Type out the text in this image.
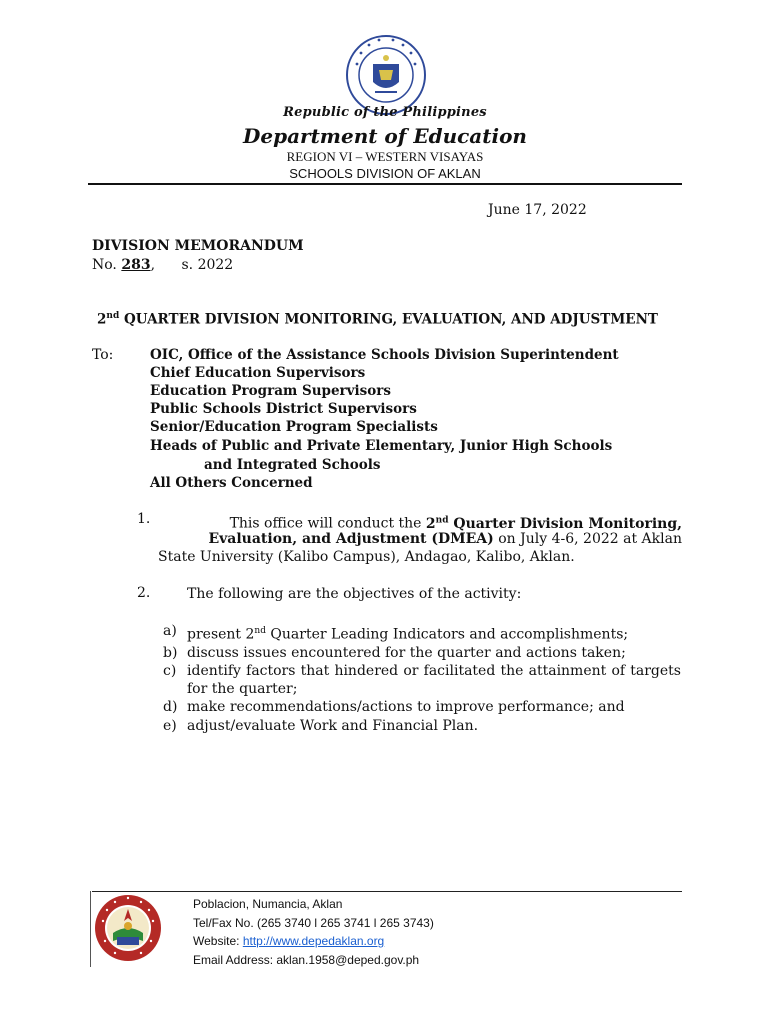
Republic of the Philippines
Department of Education
REGION VI – WESTERN VISAYAS
SCHOOLS DIVISION OF AKLAN
June 17, 2022
DIVISION MEMORANDUM
No. 283, s. 2022
2nd QUARTER DIVISION MONITORING, EVALUATION, AND ADJUSTMENT
To:	OIC, Office of the Assistance Schools Division Superintendent
Chief Education Supervisors
Education Program Supervisors
Public Schools District Supervisors
Senior/Education Program Specialists
Heads of Public and Private Elementary, Junior High Schools
and Integrated Schools
All Others Concerned
1.	This office will conduct the 2nd Quarter Division Monitoring,
Evaluation, and Adjustment (DMEA) on July 4-6, 2022 at Aklan
State University (Kalibo Campus), Andagao, Kalibo, Aklan.
2.	The following are the objectives of the activity:
a) present 2nd Quarter Leading Indicators and accomplishments;
b) discuss issues encountered for the quarter and actions taken;
c) identify factors that hindered or facilitated the attainment of targets for the quarter;
d) make recommendations/actions to improve performance; and
e) adjust/evaluate Work and Financial Plan.
Poblacion, Numancia, Aklan
Tel/Fax No. (265 3740 l 265 3741 l 265 3743)
Website: http://www.depedaklan.org
Email Address: aklan.1958@deped.gov.ph
